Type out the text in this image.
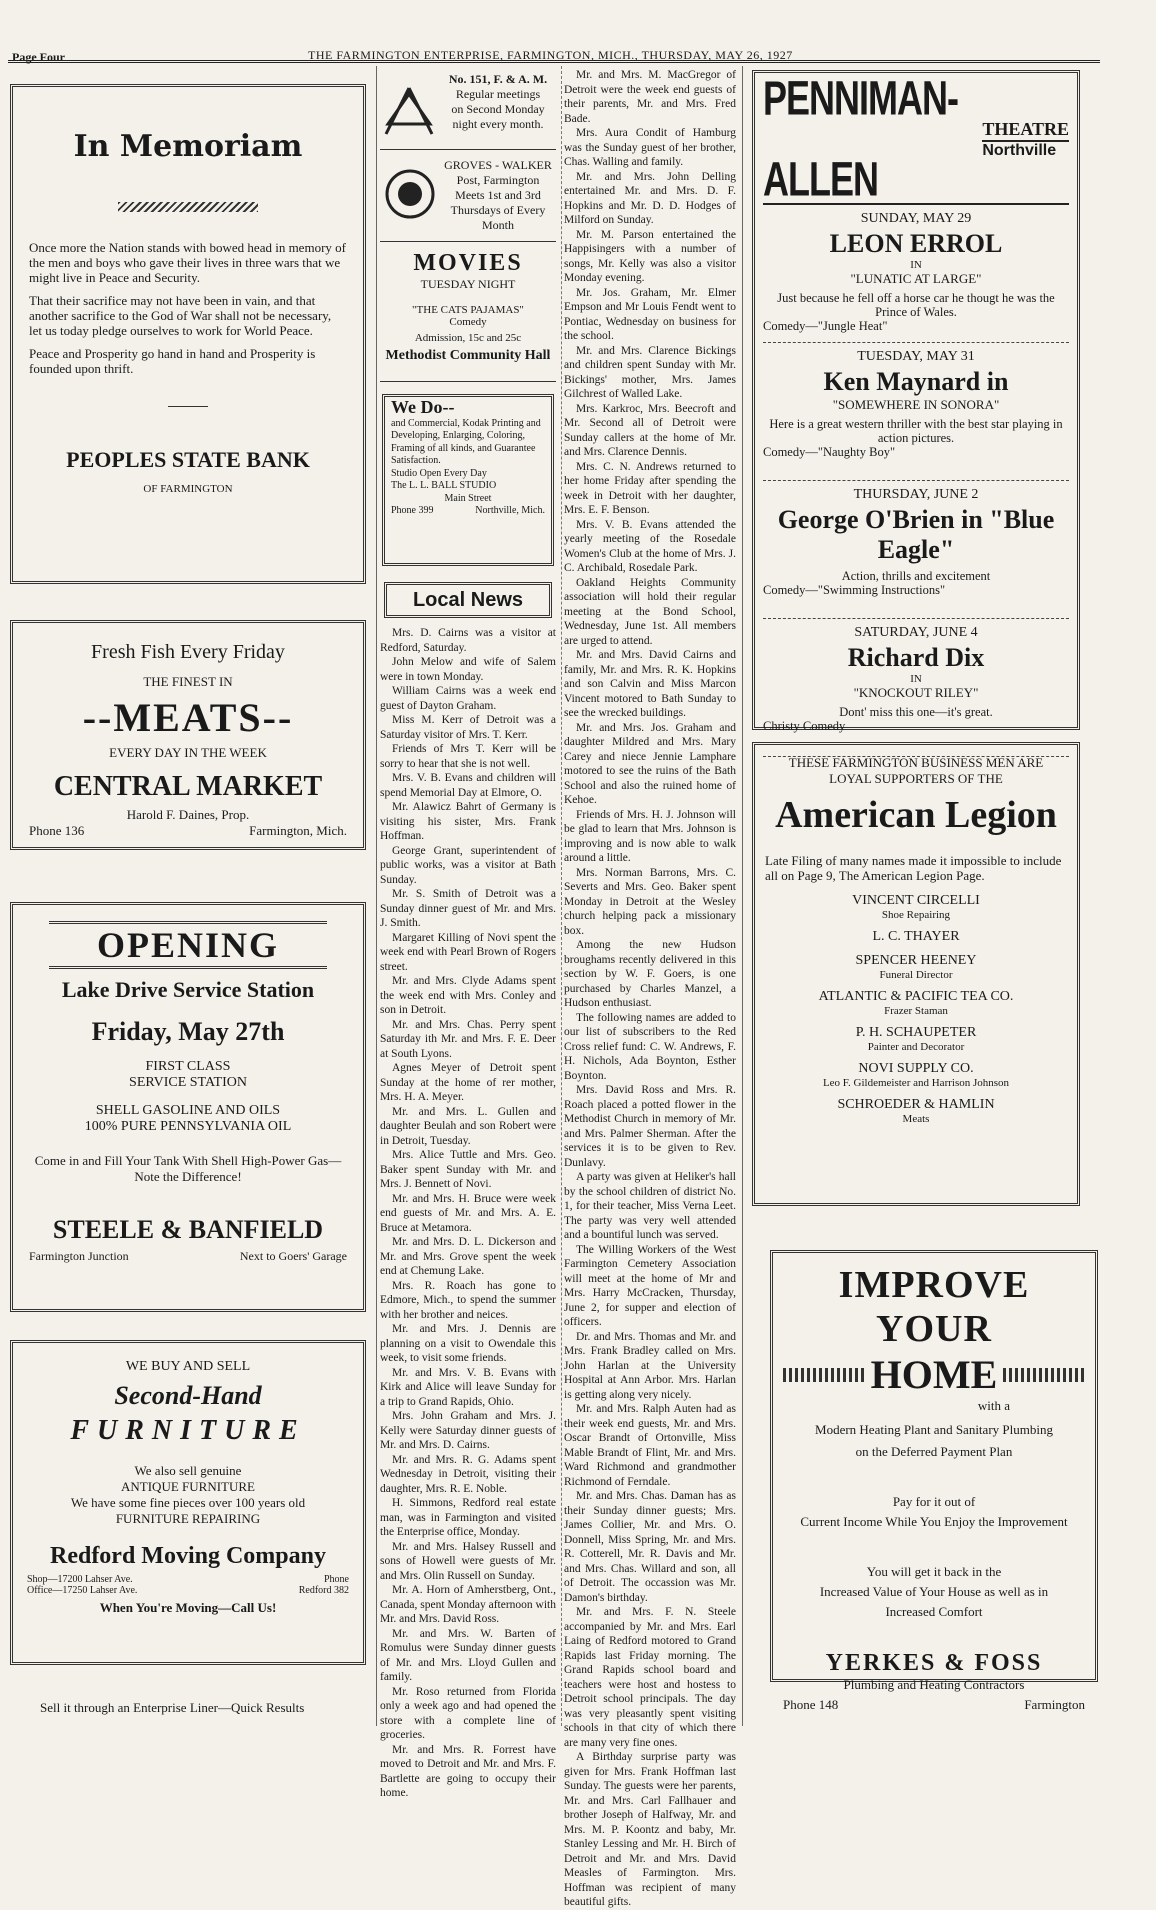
Page Four	THE FARMINGTON ENTERPRISE, FARMINGTON, MICH., THURSDAY, MAY 26, 1927
In Memoriam

Once more the Nation stands with bowed head in memory of the men and boys who gave their lives in three wars that we might live in Peace and Security.

That their sacrifice may not have been in vain, and that another sacrifice to the God of War shall not be necessary, let us today pledge ourselves to work for World Peace.

Peace and Prosperity go hand in hand and Prosperity is founded upon thrift.

PEOPLES STATE BANK
OF FARMINGTON
Fresh Fish Every Friday
THE FINEST IN
--MEATS--
EVERY DAY IN THE WEEK
CENTRAL MARKET
Harold F. Daines, Prop.
Phone 136	Farmington, Mich.
OPENING
Lake Drive Service Station
Friday, May 27th
FIRST CLASS
SERVICE STATION
SHELL GASOLINE AND OILS
100% PURE PENNSYLVANIA OIL
Come in and Fill Your Tank With Shell High-Power Gas—Note the Difference!
STEELE & BANFIELD
Farmington Junction	Next to Goers' Garage
WE BUY AND SELL
Second-Hand
FURNITURE
We also sell genuine
ANTIQUE FURNITURE
We have some fine pieces over 100 years old
FURNITURE REPAIRING
Redford Moving Company
Shop—17200 Lahser Ave.
Office—17250 Lahser Ave.
Phone
Redford 382
When You're Moving—Call Us!
Sell it through an Enterprise Liner—Quick Results
No. 151, F. & A. M.
Regular meetings
on Second Monday
night every month.
GROVES - WALKER
Post, Farmington
Meets 1st and 3rd
Thursdays of Every
Month
MOVIES
TUESDAY NIGHT
"THE CATS PAJAMAS"
Comedy
Admission, 15c and 25c
Methodist Community Hall
We Do--
and Commercial, Kodak Printing and Developing, Enlarging, Coloring, Framing of all kinds, and Guarantee Satisfaction.
Studio Open Every Day
The L. L. BALL STUDIO
Main Street
Phone 399	Northville, Mich.
Local News

Mrs. D. Cairns was a visitor at Redford, Saturday.

John Melow and wife of Salem were in town Monday.

William Cairns was a week end guest of Dayton Graham.

Miss M. Kerr of Detroit was a Saturday visitor of Mrs. T. Kerr.

Friends of Mrs T. Kerr will be sorry to hear that she is not well.

Mrs. V. B. Evans and children will spend Memorial Day at Elmore, O.

Mr. Alawicz Bahrt of Germany is visiting his sister, Mrs. Frank Hoffman.

George Grant, superintendent of public works, was a visitor at Bath Sunday.

Mr. S. Smith of Detroit was a Sunday dinner guest of Mr. and Mrs. J. Smith.

Margaret Killing of Novi spent the week end with Pearl Brown of Rogers street.

Mr. and Mrs. Clyde Adams spent the week end with Mrs. Conley and son in Detroit.

Mr. and Mrs. Chas. Perry spent Saturday ith Mr. and Mrs. F. E. Deer at South Lyons.

Agnes Meyer of Detroit spent Sunday at the home of rer mother, Mrs. H. A. Meyer.

Mr. and Mrs. L. Gullen and daughter Beulah and son Robert were in Detroit, Tuesday.

Mrs. Alice Tuttle and Mrs. Geo. Baker spent Sunday with Mr. and Mrs. J. Bennett of Novi.

Mr. and Mrs. H. Bruce were week end guests of Mr. and Mrs. A. E. Bruce at Metamora.

Mr. and Mrs. D. L. Dickerson and Mr. and Mrs. Grove spent the week end at Chemung Lake.

Mrs. R. Roach has gone to Edmore, Mich., to spend the summer with her brother and neices.

Mr. and Mrs. J. Dennis are planning on a visit to Owendale this week, to visit some friends.

Mr. and Mrs. V. B. Evans with Kirk and Alice will leave Sunday for a trip to Grand Rapids, Ohio.

Mrs. John Graham and Mrs. J. Kelly were Saturday dinner guests of Mr. and Mrs. D. Cairns.

Mr. and Mrs. R. G. Adams spent Wednesday in Detroit, visiting their daughter, Mrs. R. E. Noble.

H. Simmons, Redford real estate man, was in Farmington and visited the Enterprise office, Monday.

Mr. and Mrs. Halsey Russell and sons of Howell were guests of Mr. and Mrs. Olin Russell on Sunday.

Mr. A. Horn of Amherstberg, Ont., Canada, spent Monday afternoon with Mr. and Mrs. David Ross.

Mr. and Mrs. W. Barten of Romulus were Sunday dinner guests of Mr. and Mrs. Lloyd Gullen and family.

Mr. Roso returned from Florida only a week ago and had opened the store with a complete line of groceries.

Mr. and Mrs. R. Forrest have moved to Detroit and Mr. and Mrs. F. Bartlette are going to occupy their home.

Mr. and Mrs. M. MacGregor of Detroit were the week end guests of their parents, Mr. and Mrs. Fred Bade.

Mrs. Aura Condit of Hamburg was the Sunday guest of her brother, Chas. Walling and family.

Mr. and Mrs. John Delling entertained Mr. and Mrs. D. F. Hopkins and Mr. D. D. Hodges of Milford on Sunday.

Mr. M. Parson entertained the Happisingers with a number of songs, Mr. Kelly was also a visitor Monday evening.

Mr. Jos. Graham, Mr. Elmer Empson and Mr Louis Fendt went to Pontiac, Wednesday on business for the school.

Mr. and Mrs. Clarence Bickings and children spent Sunday with Mr. Bickings' mother, Mrs. James Gilchrest of Walled Lake.

Mrs. Karkroc, Mrs. Beecroft and Mr. Second all of Detroit were Sunday callers at the home of Mr. and Mrs. Clarence Dennis.

Mrs. C. N. Andrews returned to her home Friday after spending the week in Detroit with her daughter, Mrs. E. F. Benson.

Mrs. V. B. Evans attended the yearly meeting of the Rosedale Women's Club at the home of Mrs. J. C. Archibald, Rosedale Park.

Oakland Heights Community association will hold their regular meeting at the Bond School, Wednesday, June 1st. All members are urged to attend.

Mr. and Mrs. David Cairns and family, Mr. and Mrs. R. K. Hopkins and son Calvin and Miss Marcon Vincent motored to Bath Sunday to see the wrecked buildings.

Mr. and Mrs. Jos. Graham and daughter Mildred and Mrs. Mary Carey and niece Jennie Lamphare motored to see the ruins of the Bath School and also the ruined home of Kehoe.

Friends of Mrs. H. J. Johnson will be glad to learn that Mrs. Johnson is improving and is now able to walk around a little.

Mrs. Norman Barrons, Mrs. C. Severts and Mrs. Geo. Baker spent Monday in Detroit at the Wesley church helping pack a missionary box.

Among the new Hudson broughams recently delivered in this section by W. F. Goers, is one purchased by Charles Manzel, a Hudson enthusiast.

The following names are added to our list of subscribers to the Red Cross relief fund: C. W. Andrews, F. H. Nichols, Ada Boynton, Esther Boynton.

Mrs. David Ross and Mrs. R. Roach placed a potted flower in the Methodist Church in memory of Mr. and Mrs. Palmer Sherman. After the services it is to be given to Rev. Dunlavy.

A party was given at Heliker's hall by the school children of district No. 1, for their teacher, Miss Verna Leet. The party was very well attended and a bountiful lunch was served.

The Willing Workers of the West Farmington Cemetery Association will meet at the home of Mr and Mrs. Harry McCracken, Thursday, June 2, for supper and election of officers.

Dr. and Mrs. Thomas and Mr. and Mrs. Frank Bradley called on Mrs. John Harlan at the University Hospital at Ann Arbor. Mrs. Harlan is getting along very nicely.

Mr. and Mrs. Ralph Auten had as their week end guests, Mr. and Mrs. Oscar Brandt of Ortonville, Miss Mable Brandt of Flint, Mr. and Mrs. Ward Richmond and grandmother Richmond of Ferndale.

Mr. and Mrs. Chas. Daman has as their Sunday dinner guests; Mrs. James Collier, Mr. and Mrs. O. Donnell, Miss Spring, Mr. and Mrs. R. Cotterell, Mr. R. Davis and Mr. and Mrs. Chas. Willard and son, all of Detroit. The occassion was Mr. Damon's birthday.

Mr. and Mrs. F. N. Steele accompanied by Mr. and Mrs. Earl Laing of Redford motored to Grand Rapids last Friday morning. The Grand Rapids school board and teachers were host and hostess to Detroit school principals. The day was very pleasantly spent visiting schools in that city of which there are many very fine ones.

A Birthday surprise party was given for Mrs. Frank Hoffman last Sunday. The guests were her parents, Mr. and Mrs. Carl Fallhauer and brother Joseph of Halfway, Mr. and Mrs. M. P. Koontz and baby, Mr. Stanley Lessing and Mr. H. Birch of Detroit and Mr. and Mrs. David Measles of Farmington. Mrs. Hoffman was recipient of many beautiful gifts.

PENNIMAN-ALLEN
THEATRE
Northville
SUNDAY, MAY 29
LEON ERROL
IN
"LUNATIC AT LARGE"
Just because he fell off a horse car he thougt he was the Prince of Wales.
Comedy—"Jungle Heat"
TUESDAY, MAY 31
Ken Maynard in
"SOMEWHERE IN SONORA"
Here is a great western thriller with the best star playing in action pictures.
Comedy—"Naughty Boy"
THURSDAY, JUNE 2
George O'Brien in "Blue Eagle"
Action, thrills and excitement
Comedy—"Swimming Instructions"
SATURDAY, JUNE 4
Richard Dix
IN
"KNOCKOUT RILEY"
Dont' miss this one—it's great.
Christy Comedy
THESE FARMINGTON BUSINESS MEN ARE
LOYAL SUPPORTERS OF THE
American Legion
Late Filing of many names made it impossible to include all on Page 9, The American Legion Page.
VINCENT CIRCELLI
Shoe Repairing
L. C. THAYER
SPENCER HEENEY
Funeral Director
ATLANTIC & PACIFIC TEA CO.
Frazer Staman
P. H. SCHAUPETER
Painter and Decorator
NOVI SUPPLY CO.
Leo F. Gildemeister and Harrison Johnson
SCHROEDER & HAMLIN
Meats
IMPROVE YOUR
HOME
with a
Modern Heating Plant and Sanitary Plumbing
on the Deferred Payment Plan
Pay for it out of
Current Income While You Enjoy the Improvement
You will get it back in the
Increased Value of Your House as well as in
Increased Comfort
YERKES & FOSS
Plumbing and Heating Contractors
Phone 148	Farmington
